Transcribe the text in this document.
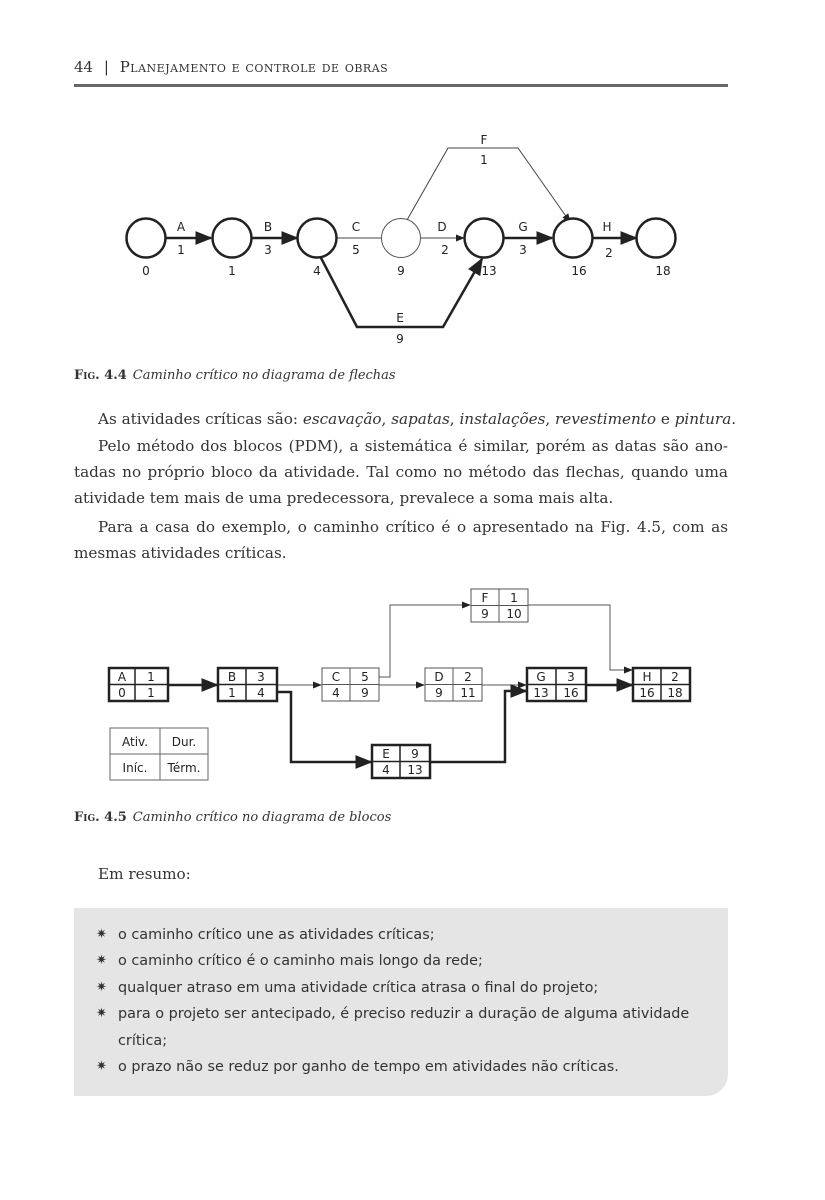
44 | Planejamento e controle de obras
0	1	4	9	13	16	18
A
1
B
3
C
5
D
2
G
3
H
2
F
1
E
9
Fig. 4.4 Caminho crítico no diagrama de flechas
As atividades críticas são: escavação, sapatas, instalações, revestimento e pintura.
Pelo método dos blocos (PDM), a sistemática é similar, porém as datas são ano-
tadas no próprio bloco da atividade. Tal como no método das flechas, quando uma
atividade tem mais de uma predecessora, prevalece a soma mais alta.
Para a casa do exemplo, o caminho crítico é o apresentado na Fig. 4.5, com as
mesmas atividades críticas.
A 1
0 1
B 3
1 4
C 5
4 9
D 2
9 11
G 3
13 16
H 2
16 18
F 1
9 10
E 9
4 13
Ativ. Dur.
Iníc. Térm.
Fig. 4.5 Caminho crítico no diagrama de blocos
Em resumo:
✷ o caminho crítico une as atividades críticas;
✷ o caminho crítico é o caminho mais longo da rede;
✷ qualquer atraso em uma atividade crítica atrasa o final do projeto;
✷ para o projeto ser antecipado, é preciso reduzir a duração de alguma atividade crítica;
✷ o prazo não se reduz por ganho de tempo em atividades não críticas.
